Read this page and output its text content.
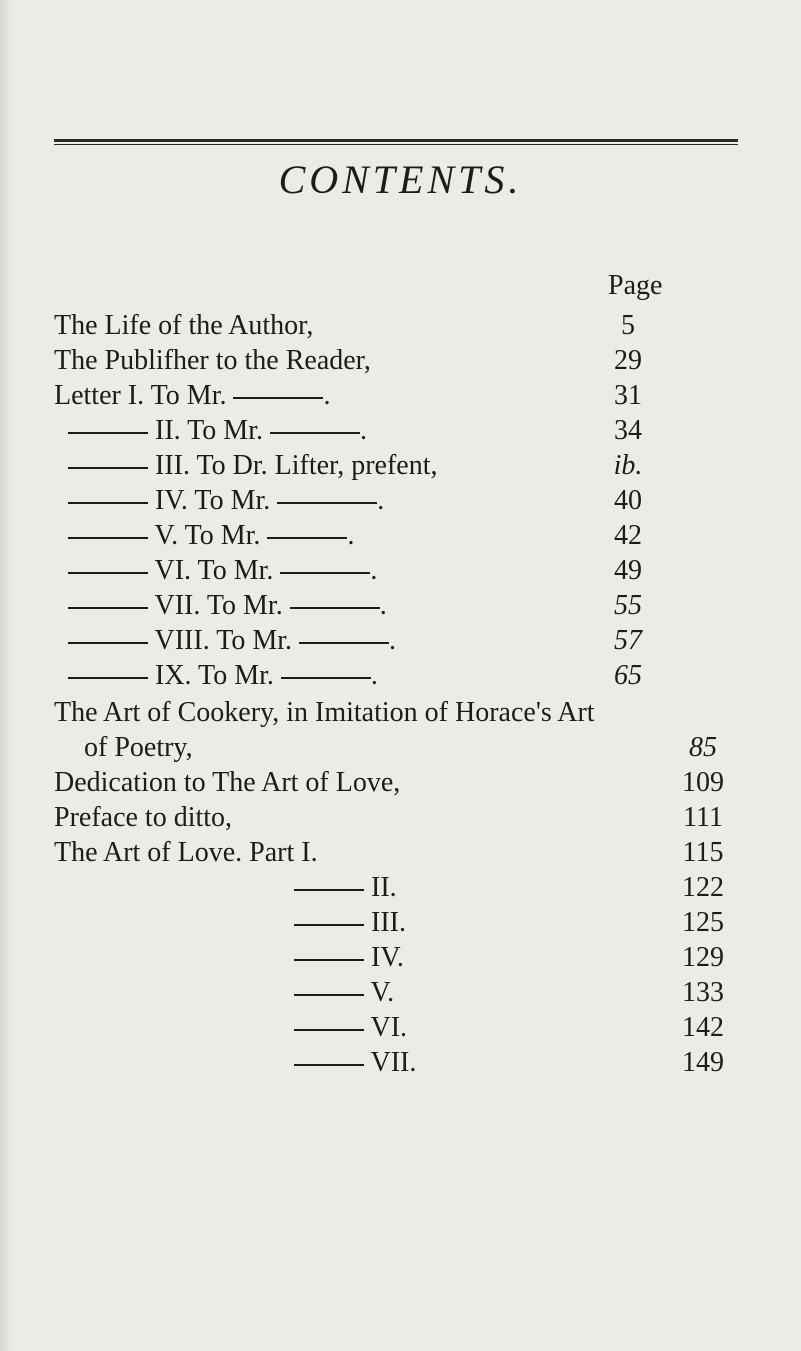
CONTENTS.
Page
The Life of the Author,	5
The Publifher to the Reader,	29
Letter I. To Mr.	.	31
II. To Mr.	.	34
III. To Dr. Lifter, prefent,	ib.
IV. To Mr.	.	40
V. To Mr.	.	42
VI. To Mr.	.	49
VII. To Mr.	.	55
VIII. To Mr.	.	57
IX. To Mr.	.	65
The Art of Cookery, in Imitation of Horace's Art
of Poetry,	85
Dedication to The Art of Love,	109
Preface to ditto,	111
The Art of Love. Part I.	115
II.	122
III.	125
IV.	129
V.	133
VI.	142
VII.	149
